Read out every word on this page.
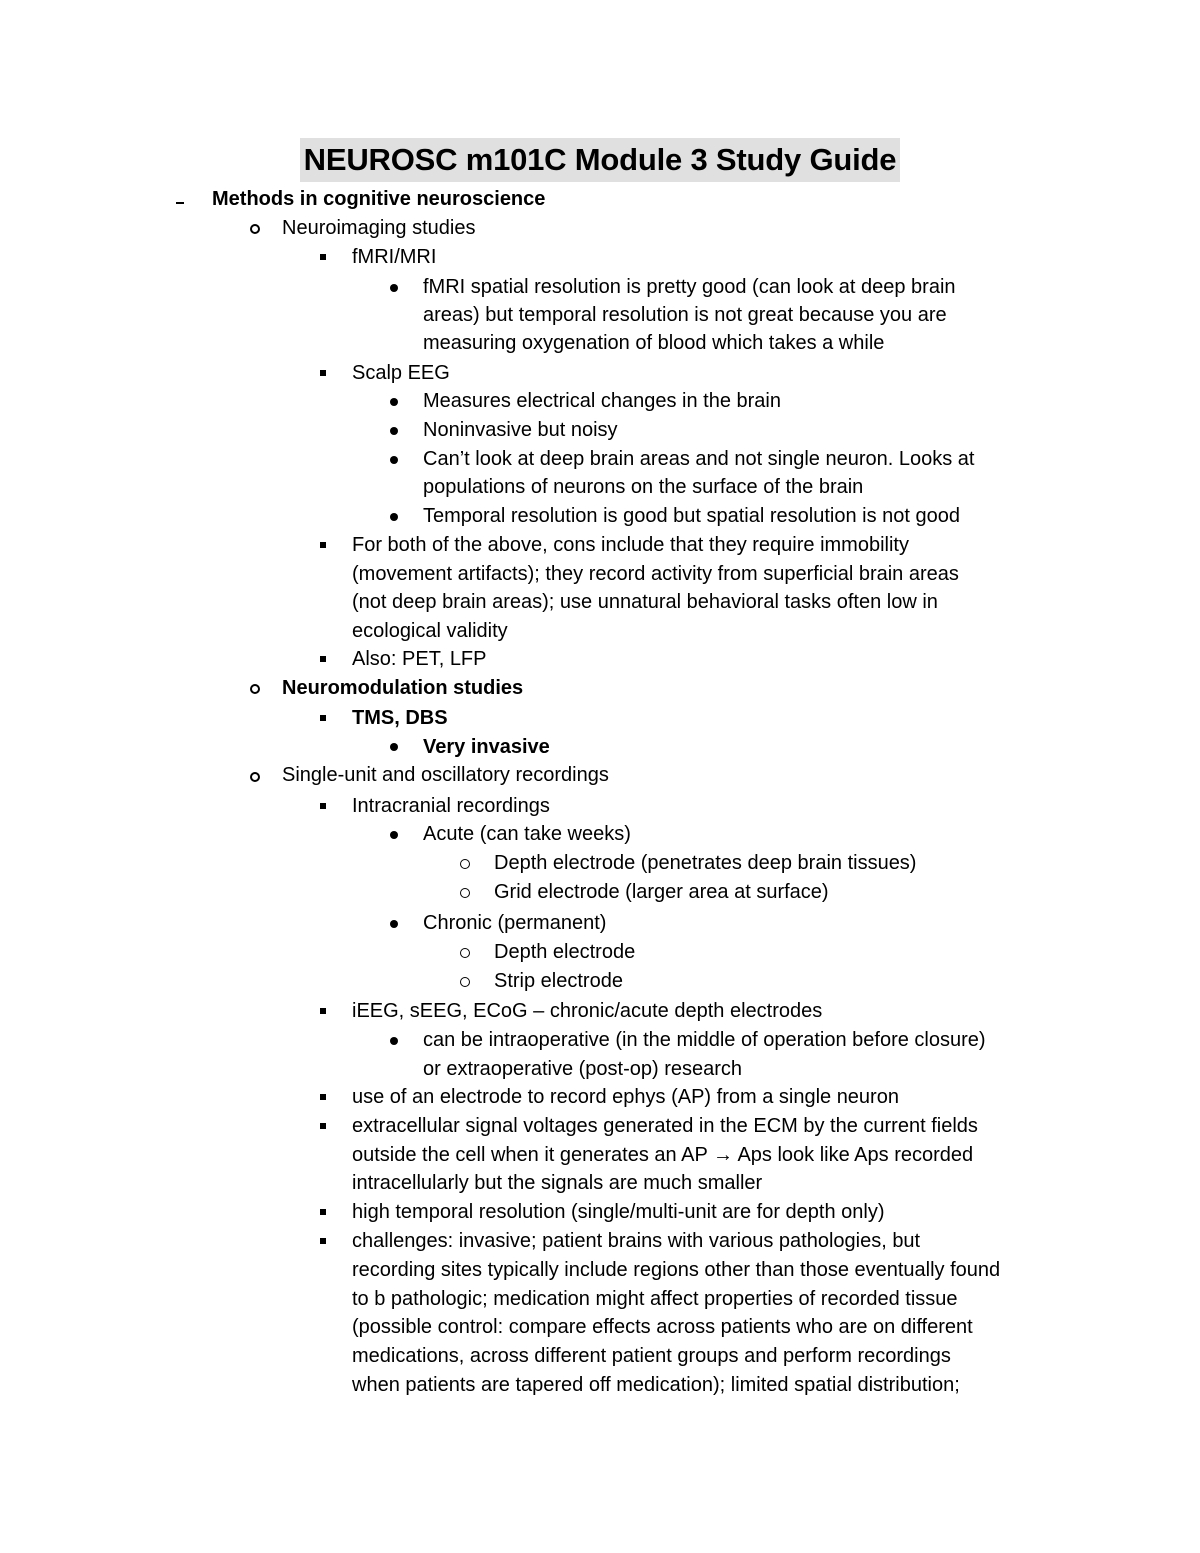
NEUROSC m101C Module 3 Study Guide
Methods in cognitive neuroscience
Neuroimaging studies
fMRI/MRI
fMRI spatial resolution is pretty good (can look at deep brain
areas) but temporal resolution is not great because you are
measuring oxygenation of blood which takes a while
Scalp EEG
Measures electrical changes in the brain
Noninvasive but noisy
Can’t look at deep brain areas and not single neuron. Looks at
populations of neurons on the surface of the brain
Temporal resolution is good but spatial resolution is not good
For both of the above, cons include that they require immobility
(movement artifacts); they record activity from superficial brain areas
(not deep brain areas); use unnatural behavioral tasks often low in
ecological validity
Also: PET, LFP
Neuromodulation studies
TMS, DBS
Very invasive
Single-unit and oscillatory recordings
Intracranial recordings
Acute (can take weeks)
Depth electrode (penetrates deep brain tissues)
Grid electrode (larger area at surface)
Chronic (permanent)
Depth electrode
Strip electrode
iEEG, sEEG, ECoG – chronic/acute depth electrodes
can be intraoperative (in the middle of operation before closure)
or extraoperative (post-op) research
use of an electrode to record ephys (AP) from a single neuron
extracellular signal voltages generated in the ECM by the current fields
outside the cell when it generates an AP → Aps look like Aps recorded
intracellularly but the signals are much smaller
high temporal resolution (single/multi-unit are for depth only)
challenges: invasive; patient brains with various pathologies, but
recording sites typically include regions other than those eventually found
to b pathologic; medication might affect properties of recorded tissue
(possible control: compare effects across patients who are on different
medications, across different patient groups and perform recordings
when patients are tapered off medication); limited spatial distribution;
